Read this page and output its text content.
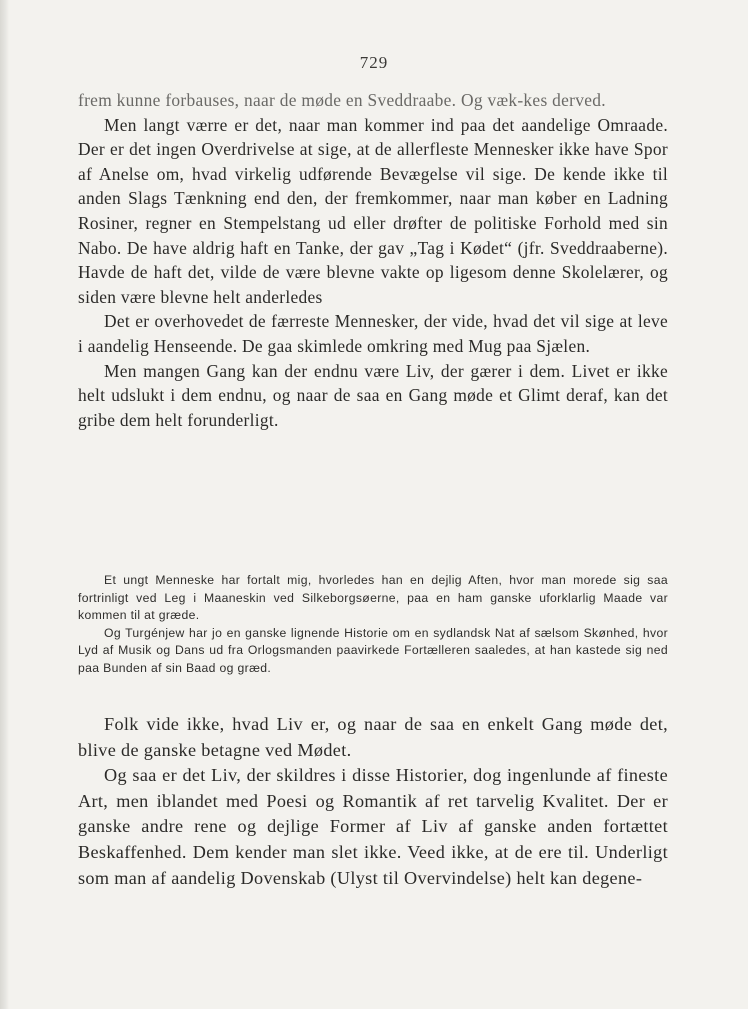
729

frem kunne forbauses, naar de møde en Sveddraabe. Og væk-kes derved.

Men langt værre er det, naar man kommer ind paa det aandelige Omraade. Der er det ingen Overdrivelse at sige, at de allerfleste Mennesker ikke have Spor af Anelse om, hvad virkelig udførende Bevægelse vil sige. De kende ikke til anden Slags Tænkning end den, der fremkommer, naar man køber en Ladning Rosiner, regner en Stempelstang ud eller drøfter de politiske Forhold med sin Nabo. De have aldrig haft en Tanke, der gav „Tag i Kødet“ (jfr. Sveddraaberne). Havde de haft det, vilde de være blevne vakte op ligesom denne Skolelærer, og siden være blevne helt anderledes

Det er overhovedet de færreste Mennesker, der vide, hvad det vil sige at leve i aandelig Henseende. De gaa skimlede omkring med Mug paa Sjælen.

Men mangen Gang kan der endnu være Liv, der gærer i dem. Livet er ikke helt udslukt i dem endnu, og naar de saa en Gang møde et Glimt deraf, kan det gribe dem helt forunderligt.

Et ungt Menneske har fortalt mig, hvorledes han en dejlig Aften, hvor man morede sig saa fortrinligt ved Leg i Maaneskin ved Silkeborgsøerne, paa en ham ganske uforklarlig Maade var kommen til at græde.

Og Turgénjew har jo en ganske lignende Historie om en sydlandsk Nat af sælsom Skønhed, hvor Lyd af Musik og Dans ud fra Orlogsmanden paavirkede Fortælleren saaledes, at han kastede sig ned paa Bunden af sin Baad og græd.

Folk vide ikke, hvad Liv er, og naar de saa en enkelt Gang møde det, blive de ganske betagne ved Mødet.

Og saa er det Liv, der skildres i disse Historier, dog ingenlunde af fineste Art, men iblandet med Poesi og Romantik af ret tarvelig Kvalitet. Der er ganske andre rene og dejlige Former af Liv af ganske anden fortættet Beskaffenhed. Dem kender man slet ikke. Veed ikke, at de ere til. Underligt som man af aandelig Dovenskab (Ulyst til Overvindelse) helt kan degene-
